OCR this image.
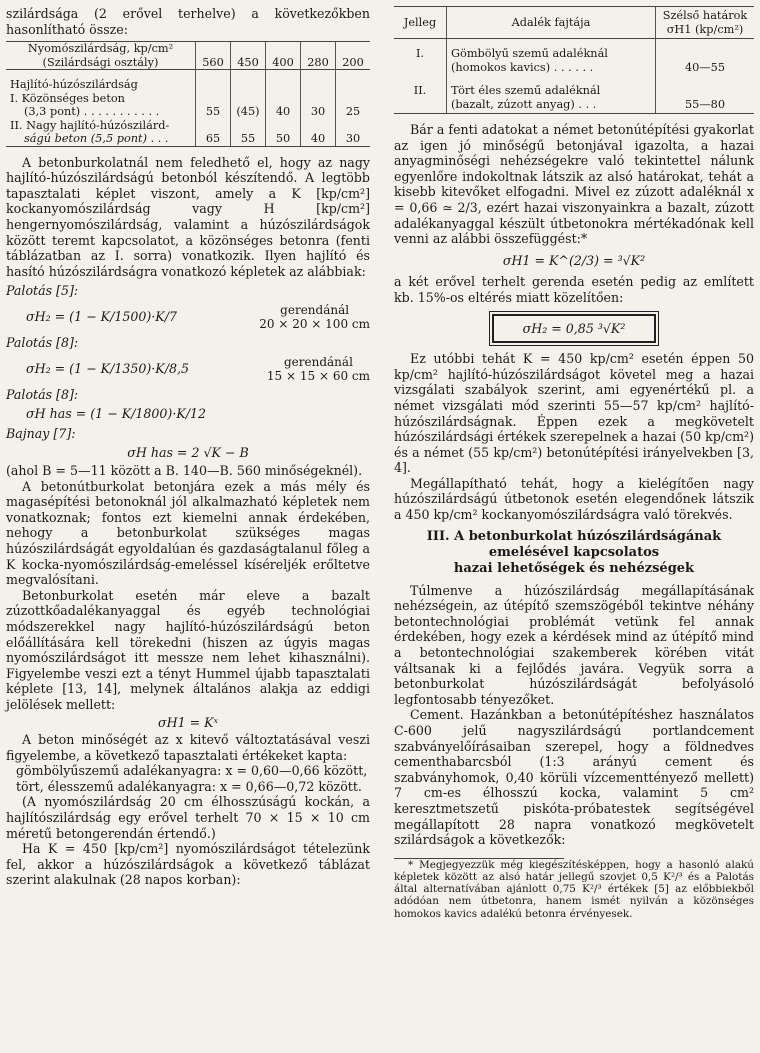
szilárdsága (2 erővel terhelve) a következőkben hasonlítható össze:

Nyomószilárdság, kp/cm²
(Szilárdsági osztály)	560	450	400	280	200
Hajlító-húzószilárdság					

I. Közönséges beton
(3,3 pont) . . . . . . . . . . .	55	(45)	40	30	25

II. Nagy hajlító-húzószilárd-
ságú beton (5,5 pont) . . .	65	55	50	40	30

A betonburkolatnál nem feledhető el, hogy az nagy hajlító-húzószilárdságú betonból készítendő. A legtöbb tapasztalati képlet viszont, amely a K [kp/cm²] kockanyomószilárdság vagy H [kp/cm²] hengernyomószilárdság, valamint a húzószilárdságok között teremt kapcsolatot, a közönséges betonra (fenti táblázatban az I. sorra) vonatkozik. Ilyen hajlító és hasító húzószilárdságra vonatkozó képletek az alábbiak:

Palotás [5]:
σH₂ = (1 − K/1500)·K/7	gerendánál
20 × 20 × 100 cm
Palotás [8]:
σH₂ = (1 − K/1350)·K/8,5	gerendánál
15 × 15 × 60 cm
Palotás [8]:
σH has = (1 − K/1800)·K/12
Bajnay [7]:
σH has = 2 √K − B

(ahol B = 5—11 között a B. 140—B. 560 minőségeknél).

A betonútburkolat betonjára ezek a más mély és magasépítési betonoknál jól alkalmazható képletek nem vonatkoznak; fontos ezt kiemelni annak érdekében, nehogy a betonburkolat szükséges magas húzószilárdságát egyoldalúan és gazdaságtalanul főleg a K kocka-nyomószilárdság-emeléssel kíséreljék erőltetve megvalósítani.

Betonburkolat esetén már eleve a bazalt zúzottkőadalékanyaggal és egyéb technológiai módszerekkel nagy hajlító-húzószilárdságú beton előállítására kell törekedni (hiszen az úgyis magas nyomószilárdságot itt messze nem lehet kihasználni). Figyelembe veszi ezt a tényt Hummel újabb tapasztalati képlete [13, 14], melynek általános alakja az eddigi jelölések mellett:

σH1 = Kˣ

A beton minőségét az x kitevő változtatásával veszi figyelembe, a következő tapasztalati értékeket kapta:

gömbölyűszemű adalékanyagra: x = 0,60—0,66 között,

tört, élesszemű adalékanyagra: x = 0,66—0,72 között.

(A nyomószilárdság 20 cm élhosszúságú kockán, a hajlítószilárdság egy erővel terhelt 70 × 15 × 10 cm méretű betongerendán értendő.)

Ha K = 450 [kp/cm²] nyomószilárdságot tételezünk fel, akkor a húzószilárdságok a következő táblázat szerint alakulnak (28 napos korban):

Jelleg	Adalék fajtája	Szélső határok
σH1 (kp/cm²)

I.	Gömbölyű szemű adaléknál
(homokos kavics) . . . . . .	40—55
II.	Tört éles szemű adaléknál
(bazalt, zúzott anyag) . . .	55—80

Bár a fenti adatokat a német betonútépítési gyakorlat az igen jó minőségű betonjával igazolta, a hazai anyagminőségi nehézségekre való tekintettel nálunk egyenlőre indokoltnak látszik az alsó határokat, tehát a kisebb kitevőket elfogadni. Mivel ez zúzott adaléknál x = 0,66 ≃ 2/3, ezért hazai viszonyainkra a bazalt, zúzott adalékanyaggal készült útbetonokra mértékadónak kell venni az alábbi összefüggést:*

σH1 = K^(2/3) = ³√K²

a két erővel terhelt gerenda esetén pedig az említett kb. 15%-os eltérés miatt közelítően:

σH₂ = 0,85 ³√K²

Ez utóbbi tehát K = 450 kp/cm² esetén éppen 50 kp/cm² hajlító-húzószilárdságot követel meg a hazai vizsgálati szabályok szerint, ami egyenértékű pl. a német vizsgálati mód szerinti 55—57 kp/cm² hajlító-húzószilárdságnak. Éppen ezek a megkövetelt húzószilárdsági értékek szerepelnek a hazai (50 kp/cm²) és a német (55 kp/cm²) betonútépítési irányelvekben [3, 4].

Megállapítható tehát, hogy a kielégítően nagy húzószilárdságú útbetonok esetén elegendőnek látszik a 450 kp/cm² kockanyomószilárdságra való törekvés.

III. A betonburkolat húzószilárdságának
emelésével kapcsolatos
hazai lehetőségek és nehézségek

Túlmenve a húzószilárdság megállapításának nehézségein, az útépítő szemszögéből tekintve néhány betontechnológiai problémát vetünk fel annak érdekében, hogy ezek a kérdések mind az útépítő mind a betontechnológiai szakemberek körében vitát váltsanak ki a fejlődés javára. Vegyük sorra a betonburkolat húzószilárdságát befolyásoló legfontosabb tényezőket.

Cement. Hazánkban a betonútépítéshez használatos C-600 jelű nagyszilárdságú portlandcement szabványelőírásaiban szerepel, hogy a földnedves cementhabarcsból (1:3 arányú cement és szabványhomok, 0,40 körüli vízcementtényező mellett) 7 cm-es élhosszú kocka, valamint 5 cm² keresztmetszetű piskóta-próbatestek segítségével megállapított 28 napra vonatkozó megkövetelt szilárdságok a következők:

* Megjegyezzük még kiegészítésképpen, hogy a hasonló alakú képletek között az alsó határ jellegű szovjet 0,5 K²/³ és a Palotás által alternatívában ajánlott 0,75 K²/³ értékek [5] az előbbiekből adódóan nem útbetonra, hanem ismét nyilván a közönséges homokos kavics adalékú betonra érvényesek.
